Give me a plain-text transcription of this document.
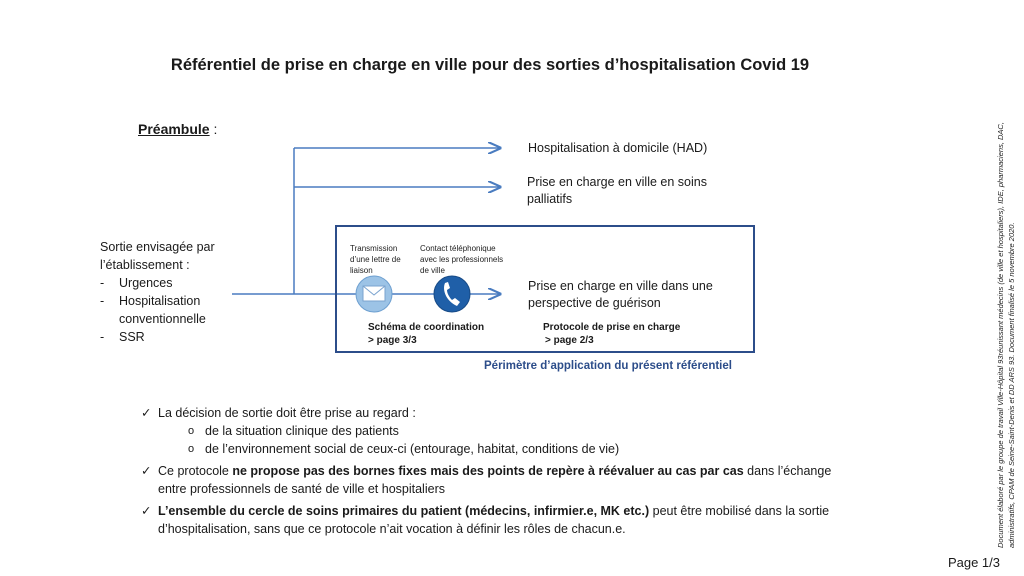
Référentiel de prise en charge en ville pour des sorties d’hospitalisation Covid 19
Préambule :
Sortie envisagée par l’établissement :
- Urgences
- Hospitalisation conventionnelle
- SSR
Hospitalisation à domicile (HAD)
Prise en charge en ville en soins palliatifs
Prise en charge en ville dans une perspective de guérison
Transmission d’une lettre de liaison
Contact téléphonique avec les professionnels de ville
Schéma de coordination
> page 3/3
Protocole de prise en charge
> page 2/3
Périmètre d’application du présent référentiel
✓ La décision de sortie doit être prise au regard :
o de la situation clinique des patients
o de l’environnement social de ceux-ci (entourage, habitat, conditions de vie)
✓ Ce protocole ne propose pas des bornes fixes mais des points de repère à réévaluer au cas par cas dans l’échange entre professionnels de santé de ville et hospitaliers
✓ L’ensemble du cercle de soins primaires du patient (médecins, infirmier.e, MK etc.) peut être mobilisé dans la sortie d’hospitalisation, sans que ce protocole n’ait vocation à définir les rôles de chacun.e.	Document élaboré par le groupe de travail Ville-Hôpital 93réunissant médecins (de ville et hospitaliers), IDE, pharmaciens, DAC, administratifs, CPAM de Seine-Saint-Denis et DD ARS 93. Document finalisé le 5 novembre 2020.
Page 1/3
